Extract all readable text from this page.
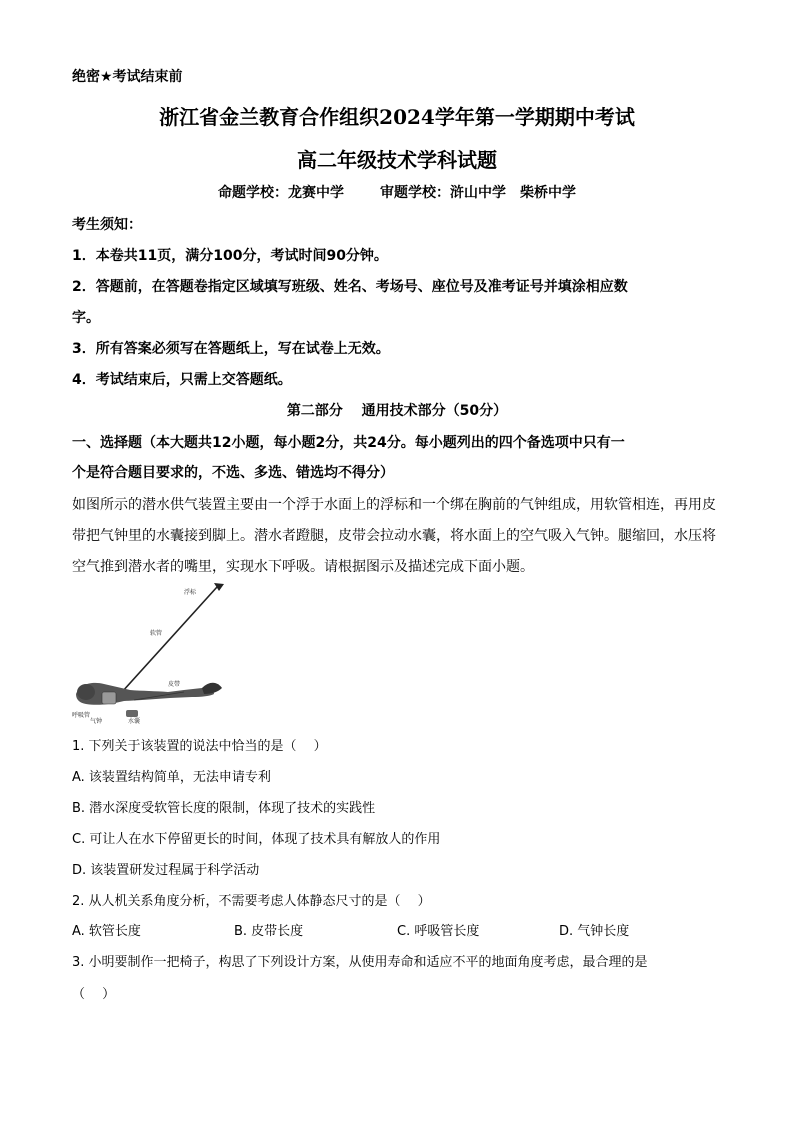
绝密★考试结束前
浙江省金兰教育合作组织2024学年第一学期期中考试
高二年级技术学科试题
命题学校：龙赛中学	审题学校：浒山中学　柴桥中学
考生须知：
1．本卷共11页，满分100分，考试时间90分钟。
2．答题前，在答题卷指定区域填写班级、姓名、考场号、座位号及准考证号并填涂相应数
字。
3．所有答案必须写在答题纸上，写在试卷上无效。
4．考试结束后，只需上交答题纸。
第二部分　 通用技术部分（50分）
一、选择题（本大题共12小题，每小题2分，共24分。每小题列出的四个备选项中只有一
个是符合题目要求的，不选、多选、错选均不得分）
如图所示的潜水供气装置主要由一个浮于水面上的浮标和一个绑在胸前的气钟组成，用软管相连，再用皮
带把气钟里的水囊接到脚上。潜水者蹬腿，皮带会拉动水囊，将水面上的空气吸入气钟。腿缩回，水压将
空气推到潜水者的嘴里，实现水下呼吸。请根据图示及描述完成下面小题。
浮标
软管
皮带
呼吸管
气钟	水囊
1. 下列关于该装置的说法中恰当的是（　 ）
A. 该装置结构简单，无法申请专利
B. 潜水深度受软管长度的限制，体现了技术的实践性
C. 可让人在水下停留更长的时间，体现了技术具有解放人的作用
D. 该装置研发过程属于科学活动
2. 从人机关系角度分析，不需要考虑人体静态尺寸的是（　 ）
A. 软管长度	B. 皮带长度	C. 呼吸管长度	D. 气钟长度
3. 小明要制作一把椅子，构思了下列设计方案，从使用寿命和适应不平的地面角度考虑，最合理的是
（　 ）
